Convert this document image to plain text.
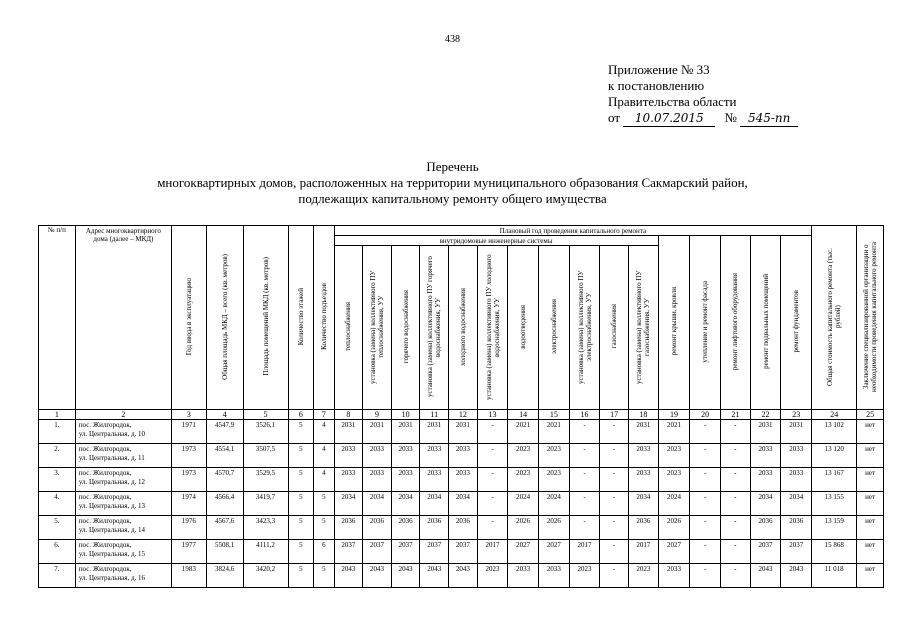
438
Приложение № 33
к постановлению
Правительства области
от 10.07.2015 № 545-пп
Перечень
многоквартирных домов, расположенных на территории муниципального образования Сакмарский район,
подлежащих капитальному ремонту общего имущества
№ п/п	Адрес многоквартирного дома (далее – МКД)	Год ввода в эксплуатацию	Общая площадь МКД – всего (кв. метров)	Площадь помещений МКД (кв. метров)	Количество этажей	Количество подъездов	Плановый год проведения капитального ремонта																Общая стоимость капитального ремонта (тыс. рублей)	Заключение специализированной организации о необходимости проведения капитального ремонта
							внутридомовые инженерные системы											ремонт крыши, кровли	утепление и ремонт фасада	ремонт лифтового оборудования	ремонт подвальных помещений	ремонт фундаментов		
							теплоснабжения	установка (замена) коллективного ПУ теплоснабжения, УУ	горячего водоснабжения	установка (замена) коллективного ПУ горячего водоснабжения, УУ	холодного водоснабжения	установка (замена) коллективного ПУ холодного водоснабжения, УУ	водоотведения	электроснабжения	установка (замена) коллективного ПУ электроснабжения, УУ	газоснабжения	установка (замена) коллективного ПУ газоснабжения, УУ							
1	2	3	4	5	6	7	8	9	10	11	12	13	14	15	16	17	18	19	20	21	22	23	24	25
1.	пос. Жилгородок,
ул. Центральная, д. 10	1971	4547,9	3526,1	5	4	2031	2031	2031	2031	2031	-	2021	2021	-	-	2031	2021	-	-	2031	2031	13 102	нет
2.	пос. Жилгородок,
ул. Центральная, д. 11	1973	4554,1	3507,5	5	4	2033	2033	2033	2033	2033	-	2023	2023	-	-	2033	2023	-	-	2033	2033	13 120	нет
3.	пос. Жилгородок,
ул. Центральная, д. 12	1973	4570,7	3529,5	5	4	2033	2033	2033	2033	2033	-	2023	2023	-	-	2033	2023	-	-	2033	2033	13 167	нет
4.	пос. Жилгородок,
ул. Центральная, д. 13	1974	4566,4	3419,7	5	5	2034	2034	2034	2034	2034	-	2024	2024	-	-	2034	2024	-	-	2034	2034	13 155	нет
5.	пос. Жилгородок,
ул. Центральная, д. 14	1976	4567,6	3423,3	5	5	2036	2036	2036	2036	2036	-	2026	2026	-	-	2036	2026	-	-	2036	2036	13 159	нет
6.	пос. Жилгородок,
ул. Центральная, д. 15	1977	5508,1	4111,2	5	6	2037	2037	2037	2037	2037	2017	2027	2027	2017	-	2017	2027	-	-	2037	2037	15 868	нет
7.	пос. Жилгородок,
ул. Центральная, д. 16	1983	3824,6	3420,2	5	5	2043	2043	2043	2043	2043	2023	2033	2033	2023	-	2023	2033	-	-	2043	2043	11 018	нет
